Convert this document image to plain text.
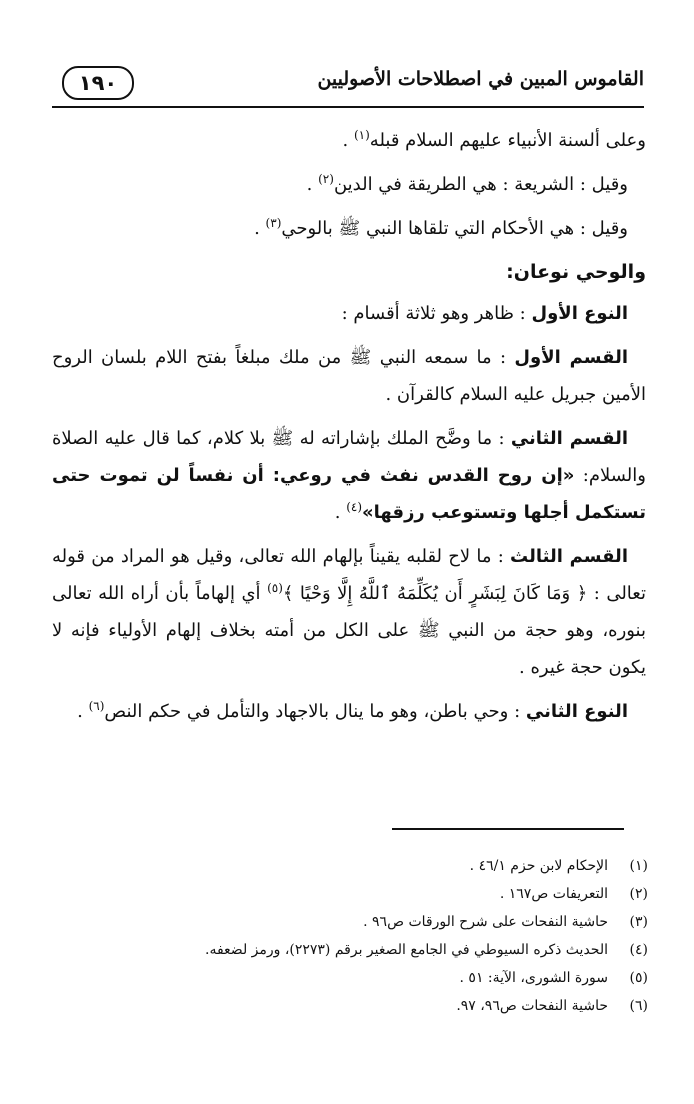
١٩٠	القاموس المبين في اصطلاحات الأصوليين

وعلى ألسنة الأنبياء عليهم السلام قبله$^{(١)}$ .

وقيل : الشريعة : هي الطريقة في الدين$^{(٢)}$ .

وقيل : هي الأحكام التي تلقاها النبي ﷺ بالوحي$^{(٣)}$ .

والوحي نوعان:

النوع الأول : ظاهر وهو ثلاثة أقسام :

القسم الأول : ما سمعه النبي ﷺ من ملك مبلغاً بفتح اللام بلسان الروح الأمين جبريل عليه السلام كالقرآن .

القسم الثاني : ما وضَّح الملك بإشاراته له ﷺ بلا كلام، كما قال عليه الصلاة والسلام: «إن روح القدس نفث في روعي: أن نفساً لن تموت حتى تستكمل أجلها وتستوعب رزقها»$^{(٤)}$ .

القسم الثالث : ما لاح لقلبه يقيناً بإلهام الله تعالى، وقيل هو المراد من قوله تعالى : ﴿ وَمَا كَانَ لِبَشَرٍ أَن يُكَلِّمَهُ ٱللَّهُ إِلَّا وَحْيًا ﴾$^{(٥)}$ أي إلهاماً بأن أراه الله تعالى بنوره، وهو حجة من النبي ﷺ على الكل من أمته بخلاف إلهام الأولياء فإنه لا يكون حجة غيره .

النوع الثاني : وحي باطن، وهو ما ينال بالاجهاد والتأمل في حكم النص$^{(٦)}$ .

(١)
الإحكام لابن حزم ٤٦/١ .
(٢)
التعريفات ص١٦٧ .
(٣)
حاشية النفحات على شرح الورقات ص٩٦ .
(٤)
الحديث ذكره السيوطي في الجامع الصغير برقم (٢٢٧٣)، ورمز لضعفه.
(٥)
سورة الشورى، الآية: ٥١ .
(٦)
حاشية النفحات ص٩٦، ٩٧.
